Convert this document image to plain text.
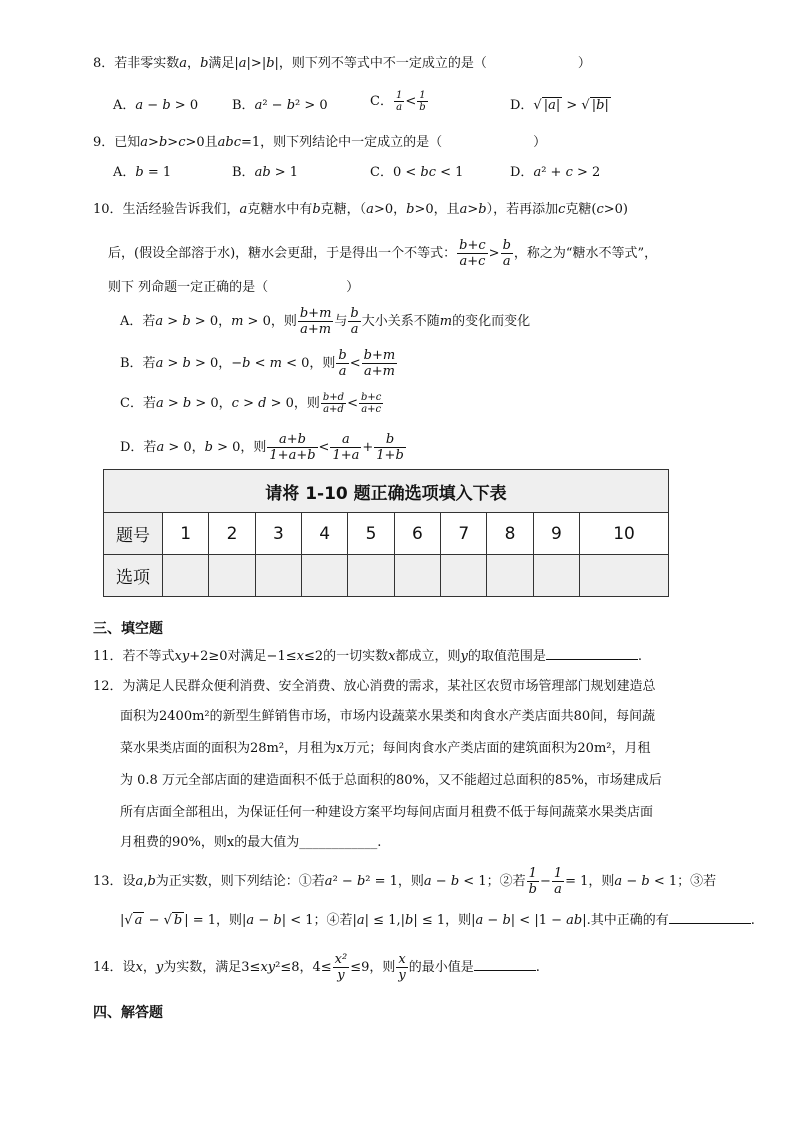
8．若非零实数a，b满足|a|>|b|，则下列不等式中不一定成立的是（　　　　　　　）
A．a − b > 0	B．a² − b² > 0	C． $\frac{1}{a} < \frac{1}{b}$	D．√ |a| > √ |b|
9．已知a>b>c>0且abc=1，则下列结论中一定成立的是（　　　　　　　）
A．b = 1	B．ab > 1	C．0 < bc < 1	D．a² + c > 2
10．生活经验告诉我们，a克糖水中有b克糖，（a>0，b>0，且a>b），若再添加c克糖(c>0)
后，(假设全部溶于水)，糖水会更甜，于是得出一个不等式： $\frac{b+c}{a+c} > \frac{b}{a}$ ，称之为“糖水不等式”，
则下 列命题一定正确的是（　　　　　　）
A．若a > b > 0，m > 0，则 $\frac{b+m}{a+m}$ 与 $\frac{b}{a}$ 大小关系不随m的变化而变化
B．若a > b > 0，−b < m < 0，则 $\frac{b}{a} < \frac{b+m}{a+m}$
C．若a > b > 0，c > d > 0，则 $\frac{b+d}{a+d} < \frac{b+c}{a+c}$
D．若a > 0，b > 0，则 $\frac{a+b}{1+a+b} < \frac{a}{1+a} + \frac{b}{1+b}$
请将 1-10 题正确选项填入下表										
题号	1	2	3	4	5	6	7	8	9	10
选项										
三、填空题
11．若不等式xy+2≥0对满足−1≤x≤2的一切实数x都成立，则y的取值范围是	.
12．为满足人民群众便利消费、安全消费、放心消费的需求，某社区农贸市场管理部门规划建造总
面积为2400m²的新型生鲜销售市场，市场内设蔬菜水果类和肉食水产类店面共80间，每间蔬
菜水果类店面的面积为28m²，月租为x万元；每间肉食水产类店面的建筑面积为20m²，月租
为 0.8 万元全部店面的建造面积不低于总面积的80%，又不能超过总面积的85%，市场建成后
所有店面全部租出，为保证任何一种建设方案平均每间店面月租费不低于每间蔬菜水果类店面
月租费的90%，则x的最大值为____________.
13．设a,b为正实数，则下列结论：①若a² − b² = 1，则a − b < 1；②若 $\frac{1}{b} - \frac{1}{a} = 1$，则a − b < 1；③若
|√ a − √ b | = 1，则|a − b| < 1；④若|a| ≤ 1,|b| ≤ 1，则|a − b| < |1 − ab|.其中正确的有	.
14．设x，y为实数，满足3≤xy²≤8，$4\le \frac{\text{x²}}{y} \le 9$，则 $\frac{x}{y}$ 的最小值是	.
四、解答题
